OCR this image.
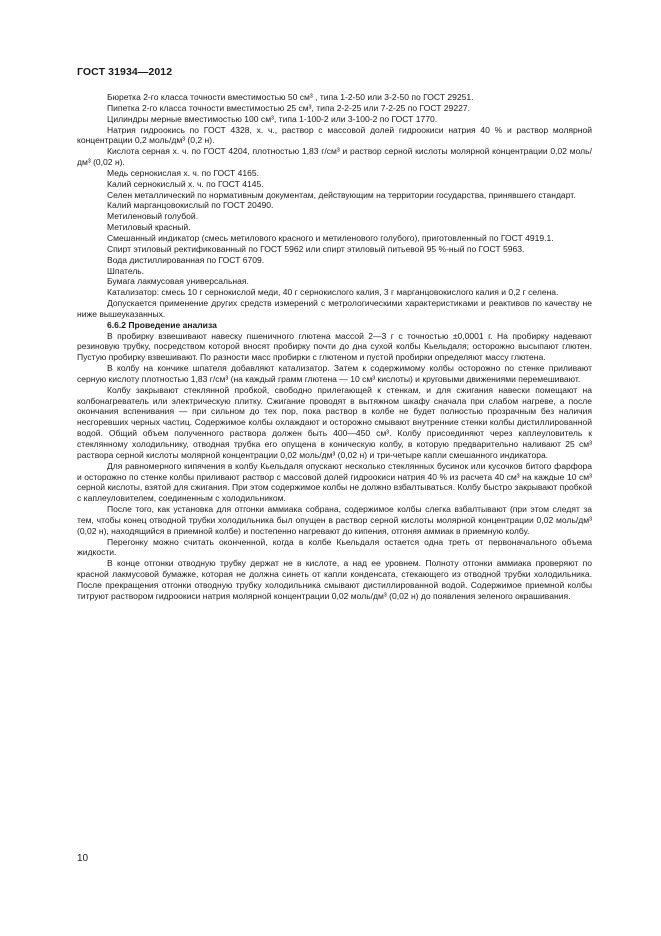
ГОСТ 31934—2012

Бюретка 2-го класса точности вместимостью 50 см³ , типа 1-2-50 или 3-2-50 по ГОСТ 29251.

Пипетка 2-го класса точности вместимостью 25 см³, типа 2-2-25 или 7-2-25 по ГОСТ 29227.

Цилиндры мерные вместимостью 100 см³, типа 1-100-2 или 3-100-2 по ГОСТ 1770.

Натрия гидроокись по ГОСТ 4328, х. ч., раствор с массовой долей гидроокиси натрия 40 % и раствор молярной концентрации 0,2 моль/дм³ (0,2 н).

Кислота серная х. ч. по ГОСТ 4204, плотностью 1,83 г/см³ и раствор серной кислоты молярной концентрации 0,02 моль/дм³ (0,02 н).

Медь сернокислая х. ч. по ГОСТ 4165.

Калий сернокислый х. ч. по ГОСТ 4145.

Селен металлический по нормативным документам, действующим на территории государства, принявшего стандарт.

Калий марганцовокислый по ГОСТ 20490.

Метиленовый голубой.

Метиловый красный.

Смешанный индикатор (смесь метилового красного и метиленового голубого), приготовленный по ГОСТ 4919.1.

Спирт этиловый ректификованный по ГОСТ 5962 или спирт этиловый питьевой 95 %-ный по ГОСТ 5963.

Вода дистиллированная по ГОСТ 6709.

Шпатель.

Бумага лакмусовая универсальная.

Катализатор: смесь 10 г сернокислой меди, 40 г сернокислого калия, 3 г марганцовокислого калия и 0,2 г селена.

Допускается применение других средств измерений с метрологическими характеристиками и реактивов по качеству не ниже вышеуказанных.

6.6.2 Проведение анализа

В пробирку взвешивают навеску пшеничного глютена массой 2—3 г с точностью ±0,0001 г. На пробирку надевают резиновую трубку, посредством которой вносят пробирку почти до дна сухой колбы Кьельдаля; осторожно высыпают глютен. Пустую пробирку взвешивают. По разности масс пробирки с глютеном и пустой пробирки определяют массу глютена.

В колбу на кончике шпателя добавляют катализатор. Затем к содержимому колбы осторожно по стенке приливают серную кислоту плотностью 1,83 г/см³ (на каждый грамм глютена — 10 см³ кислоты) и круговыми движениями перемешивают.

Колбу закрывают стеклянной пробкой, свободно прилегающей к стенкам, и для сжигания навески помещают на колбонагреватель или электрическую плитку. Сжигание проводят в вытяжном шкафу сначала при слабом нагреве, а после окончания вспенивания — при сильном до тех пор, пока раствор в колбе не будет полностью прозрачным без наличия несгоревших черных частиц. Содержимое колбы охлаждают и осторожно смывают внутренние стенки колбы дистиллированной водой. Общий объем полученного раствора должен быть 400—450 см³. Колбу присоединяют через каплеуловитель к стеклянному холодильнику, отводная трубка его опущена в коническую колбу, в которую предварительно наливают 25 см³ раствора серной кислоты молярной концентрации 0,02 моль/дм³ (0,02 н) и три-четыре капли смешанного индикатора.

Для равномерного кипячения в колбу Кьельдаля опускают несколько стеклянных бусинок или кусочков битого фарфора и осторожно по стенке колбы приливают раствор с массовой долей гидроокиси натрия 40 % из расчета 40 см³ на каждые 10 см³ серной кислоты, взятой для сжигания. При этом содержимое колбы не должно взбалтываться. Колбу быстро закрывают пробкой с каплеуловителем, соединенным с холодильником.

После того, как установка для отгонки аммиака собрана, содержимое колбы слегка взбалтывают (при этом следят за тем, чтобы конец отводной трубки холодильника был опущен в раствор серной кислоты молярной концентрации 0,02 моль/дм³ (0,02 н), находящийся в приемной колбе) и постепенно нагревают до кипения, отгоняя аммиак в приемную колбу.

Перегонку можно считать оконченной, когда в колбе Кьельдаля остается одна треть от первоначального объема жидкости.

В конце отгонки отводную трубку держат не в кислоте, а над ее уровнем. Полноту отгонки аммиака проверяют по красной лакмусовой бумажке, которая не должна синеть от капли конденсата, стекающего из отводной трубки холодильника. После прекращения отгонки отводную трубку холодильника смывают дистиллированной водой. Содержимое приемной колбы титруют раствором гидроокиси натрия молярной концентрации 0,02 моль/дм³ (0,02 н) до появления зеленого окрашивания.

10
